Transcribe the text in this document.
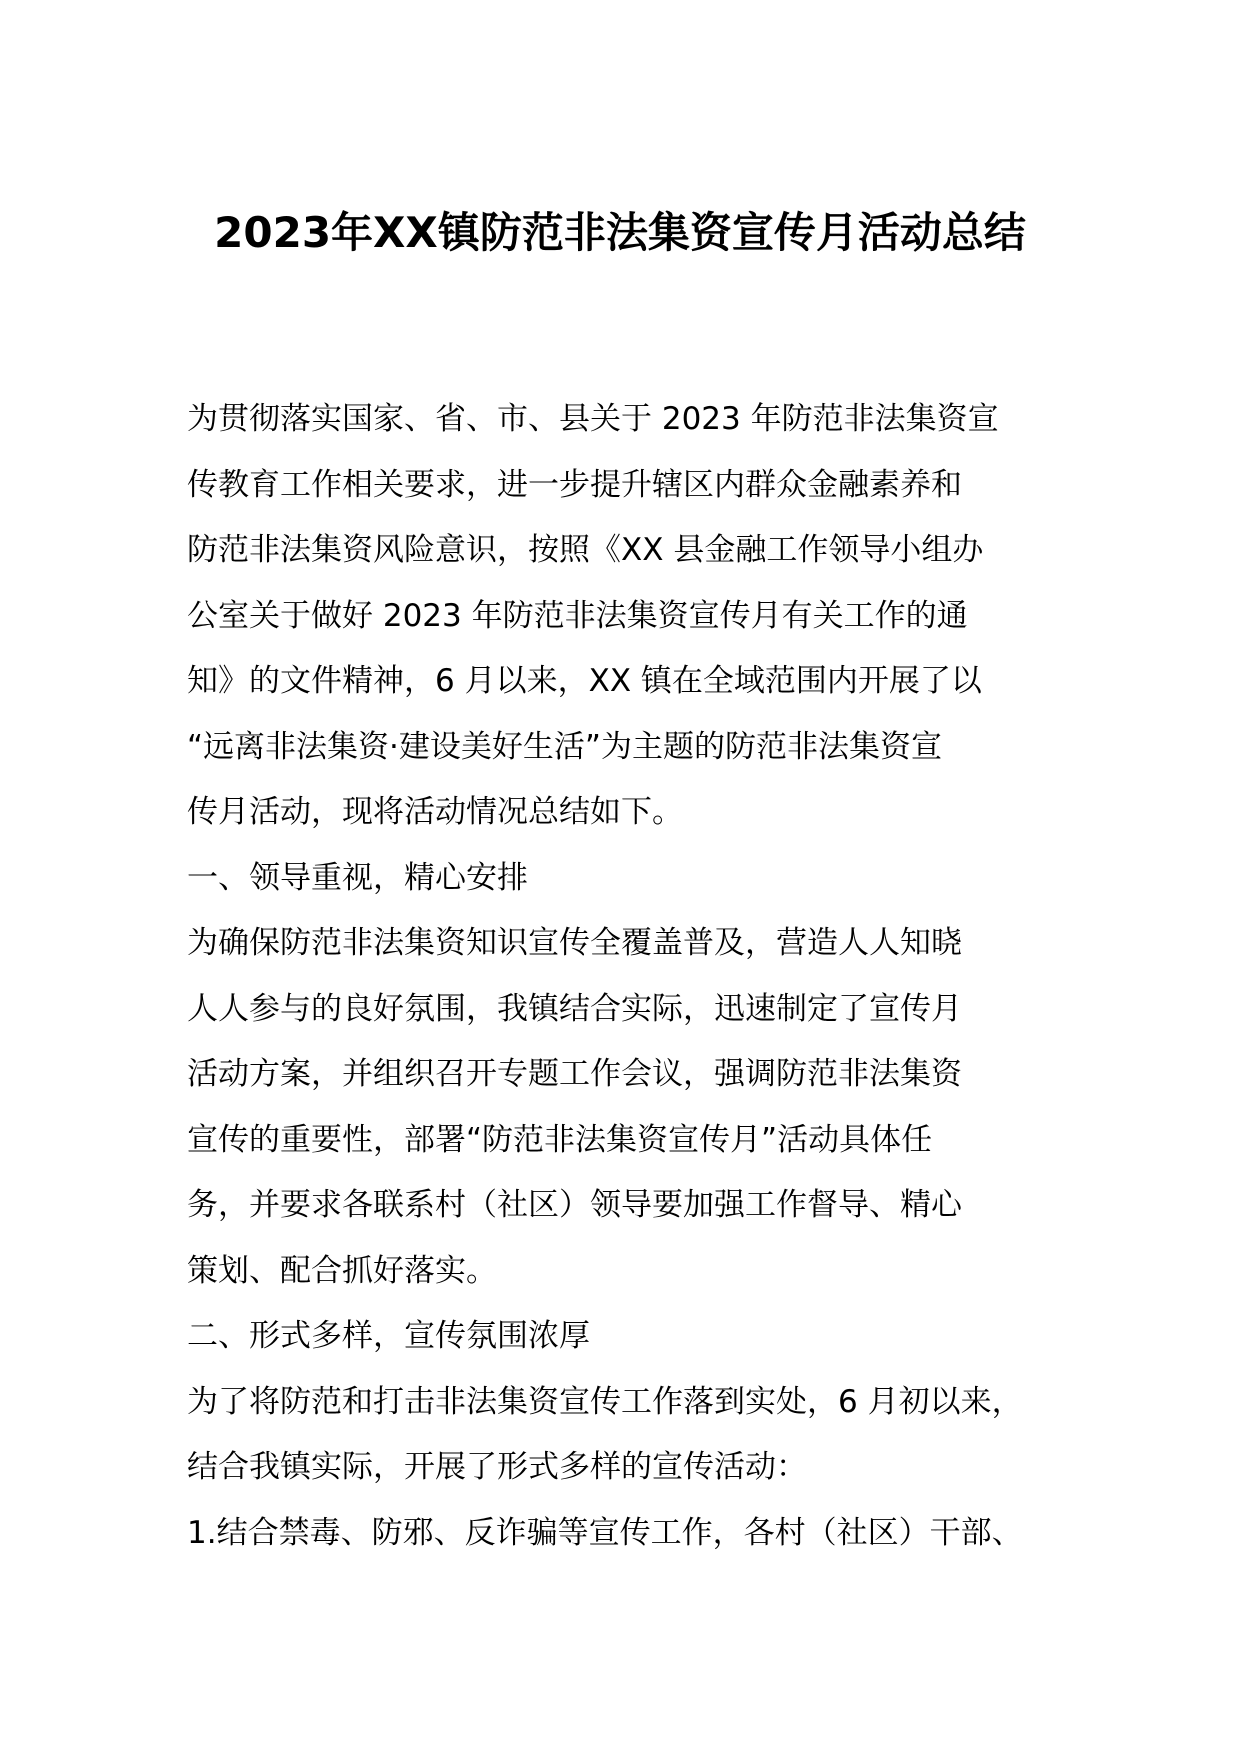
2023年XX镇防范非法集资宣传月活动总结
为贯彻落实国家、省、市、县关于 2023 年防范非法集资宣
传教育工作相关要求，进一步提升辖区内群众金融素养和
防范非法集资风险意识，按照《XX 县金融工作领导小组办
公室关于做好 2023 年防范非法集资宣传月有关工作的通
知》的文件精神，6 月以来，XX 镇在全域范围内开展了以
“远离非法集资·建设美好生活”为主题的防范非法集资宣
传月活动，现将活动情况总结如下。
一、领导重视，精心安排
为确保防范非法集资知识宣传全覆盖普及，营造人人知晓
人人参与的良好氛围，我镇结合实际，迅速制定了宣传月
活动方案，并组织召开专题工作会议，强调防范非法集资
宣传的重要性，部署“防范非法集资宣传月”活动具体任
务，并要求各联系村（社区）领导要加强工作督导、精心
策划、配合抓好落实。
二、形式多样，宣传氛围浓厚
为了将防范和打击非法集资宣传工作落到实处，6 月初以来，
结合我镇实际，开展了形式多样的宣传活动：
1.结合禁毒、防邪、反诈骗等宣传工作，各村（社区）干部、
